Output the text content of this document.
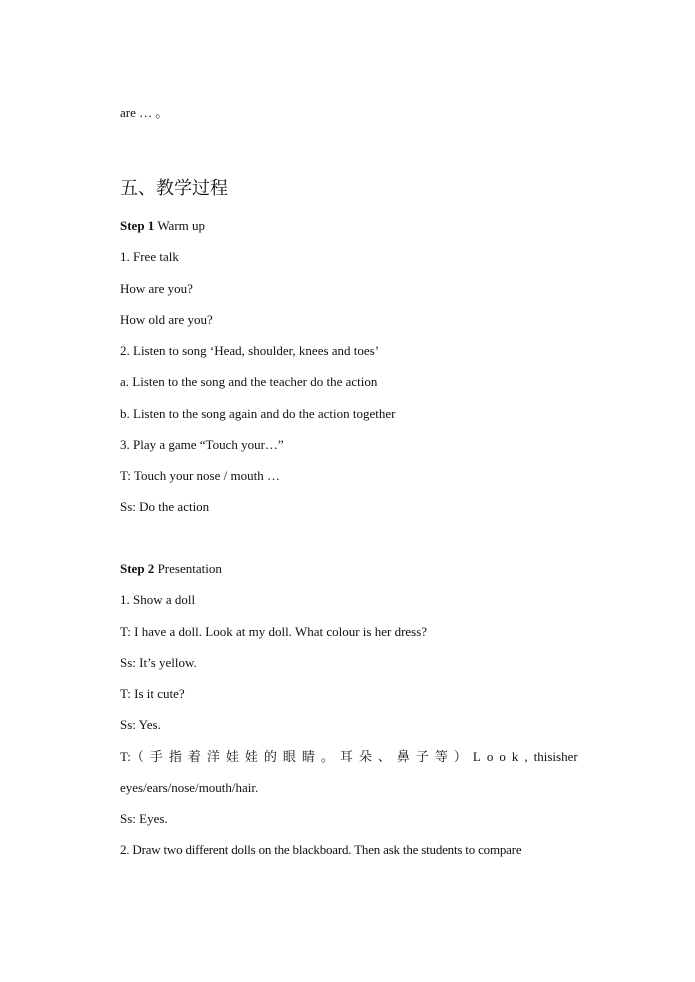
are … 。
五、教学过程
Step 1 Warm up
1. Free talk
How are you?
How old are you?
2. Listen to song ‘Head, shoulder, knees and toes’
a. Listen to the song and the teacher do the action
b. Listen to the song again and do the action together
3. Play a game “Touch your…”
T: Touch your nose / mouth …
Ss: Do the action
Step 2 Presentation
1. Show a doll
T: I have a doll. Look at my doll. What colour is her dress?
Ss: It’s yellow.
T: Is it cute?
Ss: Yes.
T: （手指着洋娃娃的眼睛。耳朵、鼻子等）Look, this is her
eyes/ears/nose/mouth/hair.
Ss: Eyes.
2. Draw two different dolls on the blackboard. Then ask the students to compare
